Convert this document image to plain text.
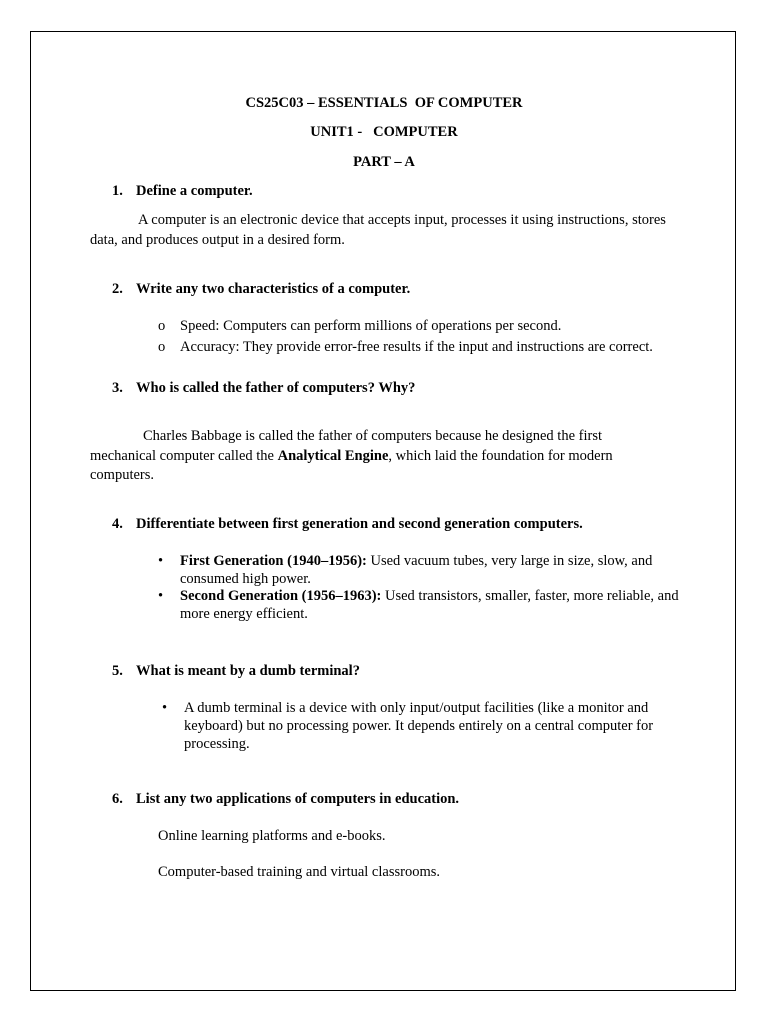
CS25C03 – ESSENTIALS  OF COMPUTER
UNIT1 -   COMPUTER
PART – A
1. Define a computer.
A computer is an electronic device that accepts input, processes it using instructions, stores data, and produces output in a desired form.
2. Write any two characteristics of a computer.
o Speed: Computers can perform millions of operations per second.
o Accuracy: They provide error-free results if the input and instructions are correct.
3. Who is called the father of computers? Why?
Charles Babbage is called the father of computers because he designed the first mechanical computer called the Analytical Engine, which laid the foundation for modern computers.
4. Differentiate between first generation and second generation computers.
• First Generation (1940–1956): Used vacuum tubes, very large in size, slow, and consumed high power.
• Second Generation (1956–1963): Used transistors, smaller, faster, more reliable, and more energy efficient.
5. What is meant by a dumb terminal?
• A dumb terminal is a device with only input/output facilities (like a monitor and keyboard) but no processing power. It depends entirely on a central computer for processing.
6. List any two applications of computers in education.
Online learning platforms and e-books.
Computer-based training and virtual classrooms.
